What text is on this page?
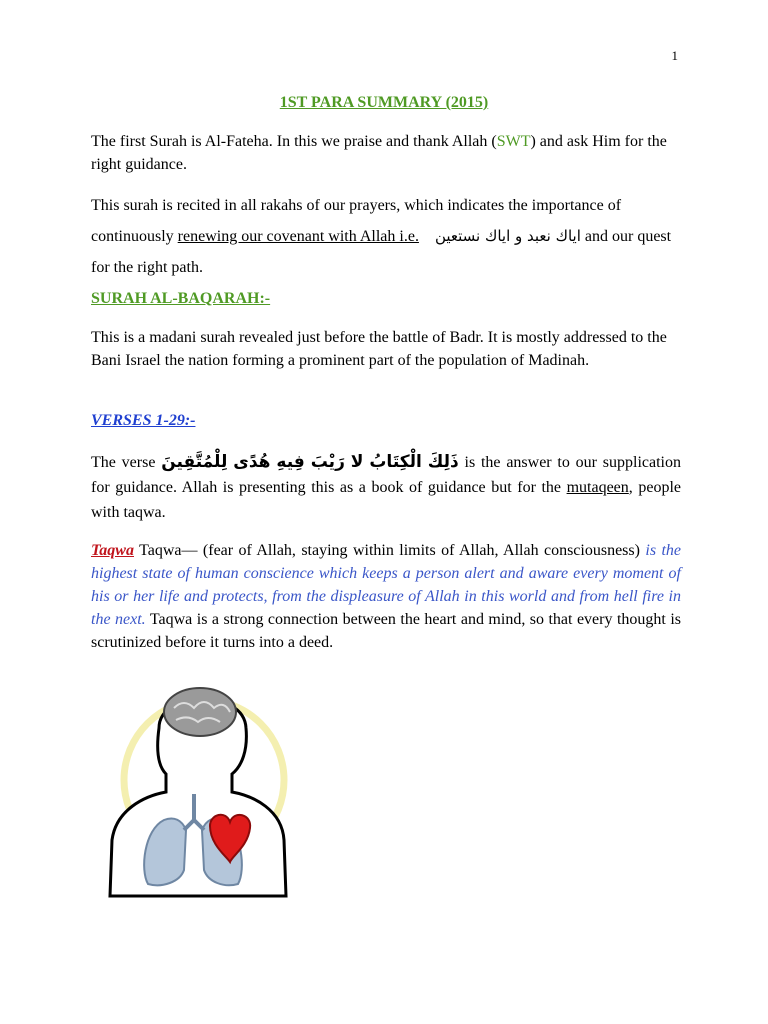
1
1ST PARA SUMMARY (2015)
The first Surah is Al-Fateha. In this we praise and thank Allah (SWT) and ask Him for the right guidance.
This surah is recited in all rakahs of our prayers, which indicates the importance of continuously renewing our covenant with Allah i.e. اياك نعبد و اياك نستعين and our quest for the right path.
SURAH AL-BAQARAH:-
This is a madani surah revealed just before the battle of Badr. It is mostly addressed to the Bani Israel the nation forming a prominent part of the population of Madinah.
VERSES 1-29:-
The verse ذَلِكَ الْكِتَابُ لا رَيْبَ فِيهِ هُدًى لِلْمُتَّقِينَ is the answer to our supplication for guidance. Allah is presenting this as a book of guidance but for the mutaqeen, people with taqwa.
Taqwa Taqwa— (fear of Allah, staying within limits of Allah, Allah consciousness) is the highest state of human conscience which keeps a person alert and aware every moment of his or her life and protects, from the displeasure of Allah in this world and from hell fire in the next. Taqwa is a strong connection between the heart and mind, so that every thought is scrutinized before it turns into a deed.
